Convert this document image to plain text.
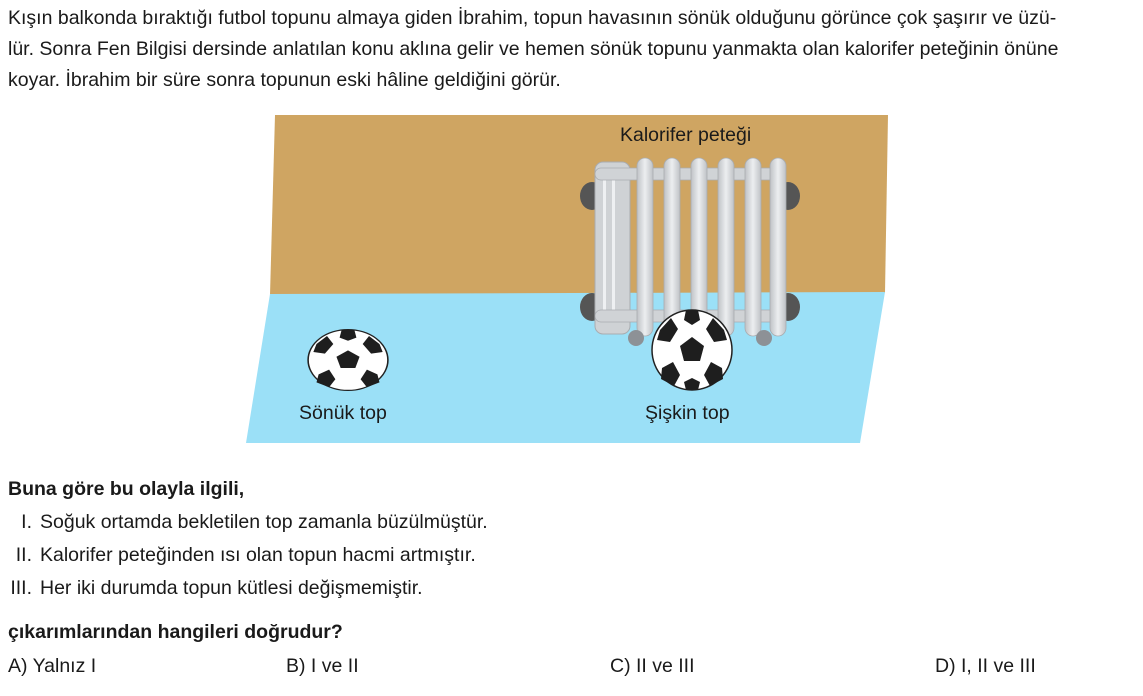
Kışın balkonda bıraktığı futbol topunu almaya giden İbrahim, topun havasının sönük olduğunu görünce çok şaşırır ve üzü-
lür. Sonra Fen Bilgisi dersinde anlatılan konu aklına gelir ve hemen sönük topunu yanmakta olan kalorifer peteğinin önüne
koyar. İbrahim bir süre sonra topunun eski hâline geldiğini görür.

Kalorifer peteği
Sönük top	Şişkin top

Buna göre bu olayla ilgili,

I. Soğuk ortamda bekletilen top zamanla büzülmüştür.
II. Kalorifer peteğinden ısı olan topun hacmi artmıştır.
III. Her iki durumda topun kütlesi değişmemiştir.

çıkarımlarından hangileri doğrudur?

A) Yalnız I	B) I ve II	C) II ve III	D) I, II ve III
